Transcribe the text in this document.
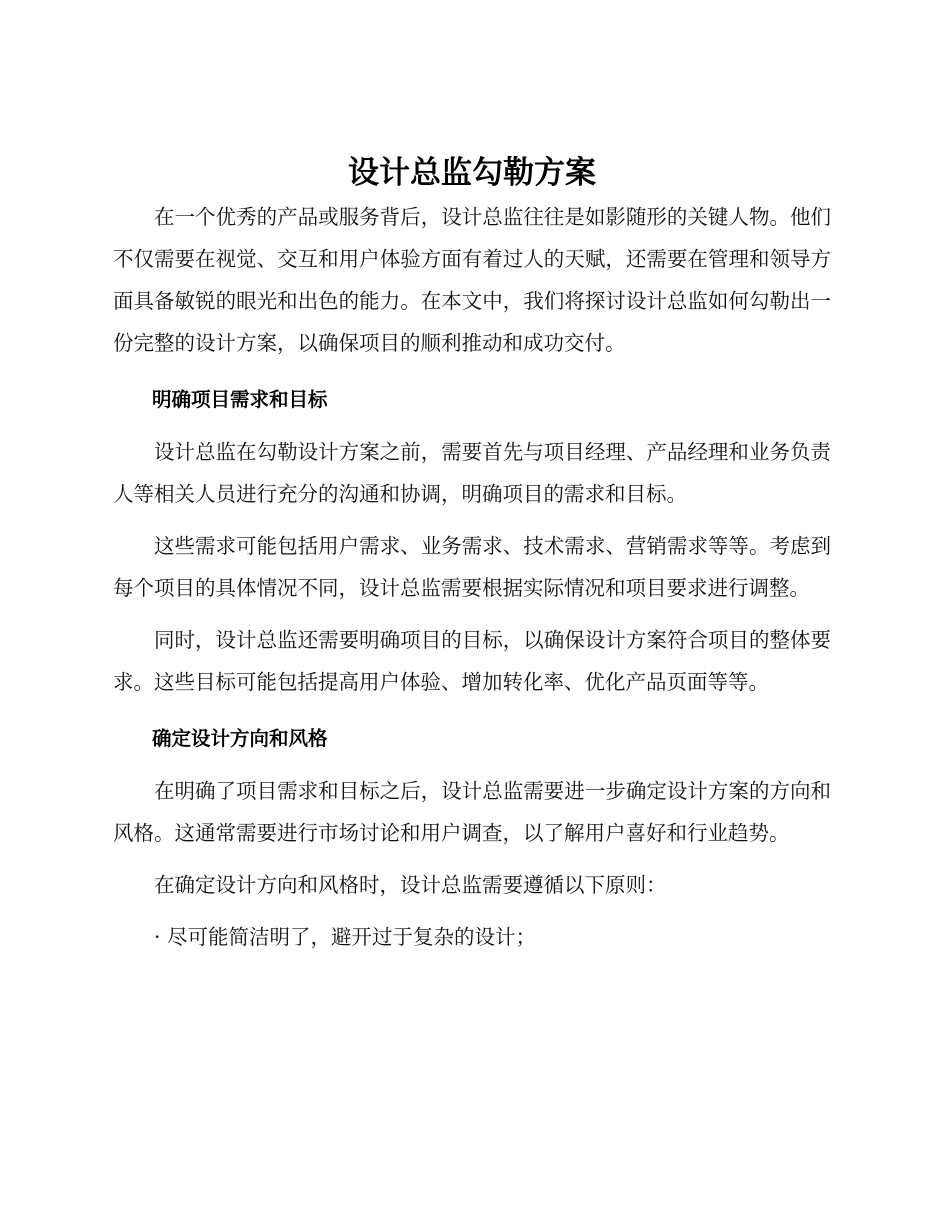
设计总监勾勒方案

在一个优秀的产品或服务背后，设计总监往往是如影随形的关键人物。他们不仅需要在视觉、交互和用户体验方面有着过人的天赋，还需要在管理和领导方面具备敏锐的眼光和出色的能力。在本文中，我们将探讨设计总监如何勾勒出一份完整的设计方案，以确保项目的顺利推动和成功交付。

明确项目需求和目标

设计总监在勾勒设计方案之前，需要首先与项目经理、产品经理和业务负责人等相关人员进行充分的沟通和协调，明确项目的需求和目标。

这些需求可能包括用户需求、业务需求、技术需求、营销需求等等。考虑到每个项目的具体情况不同，设计总监需要根据实际情况和项目要求进行调整。

同时，设计总监还需要明确项目的目标，以确保设计方案符合项目的整体要求。这些目标可能包括提高用户体验、增加转化率、优化产品页面等等。

确定设计方向和风格

在明确了项目需求和目标之后，设计总监需要进一步确定设计方案的方向和风格。这通常需要进行市场讨论和用户调查，以了解用户喜好和行业趋势。

在确定设计方向和风格时，设计总监需要遵循以下原则：

· 尽可能简洁明了，避开过于复杂的设计；
